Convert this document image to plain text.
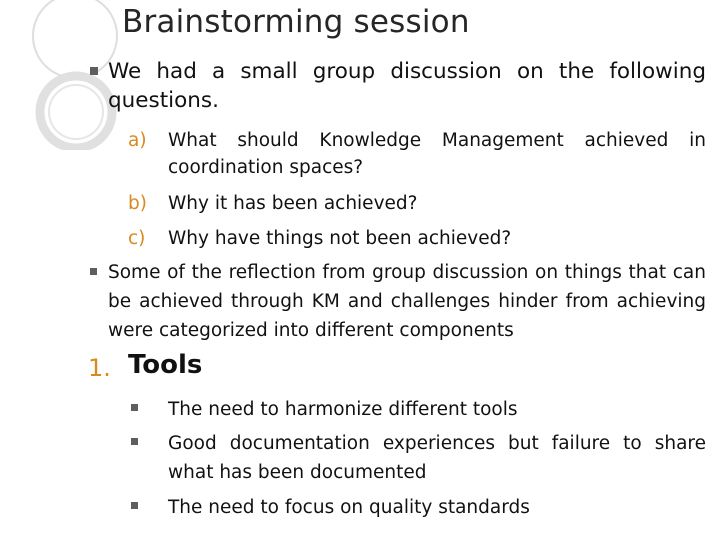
Brainstorming session
We had a small group discussion on the following questions.
a) What should Knowledge Management achieved in coordination spaces?
b) Why it has been achieved?
c) Why have things not been achieved?
Some of the reflection from group discussion on things that can be achieved through KM and challenges hinder from achieving were categorized into different components
1. Tools
The need to harmonize different tools
Good documentation experiences but failure to share what has been documented
The need to focus on quality standards
